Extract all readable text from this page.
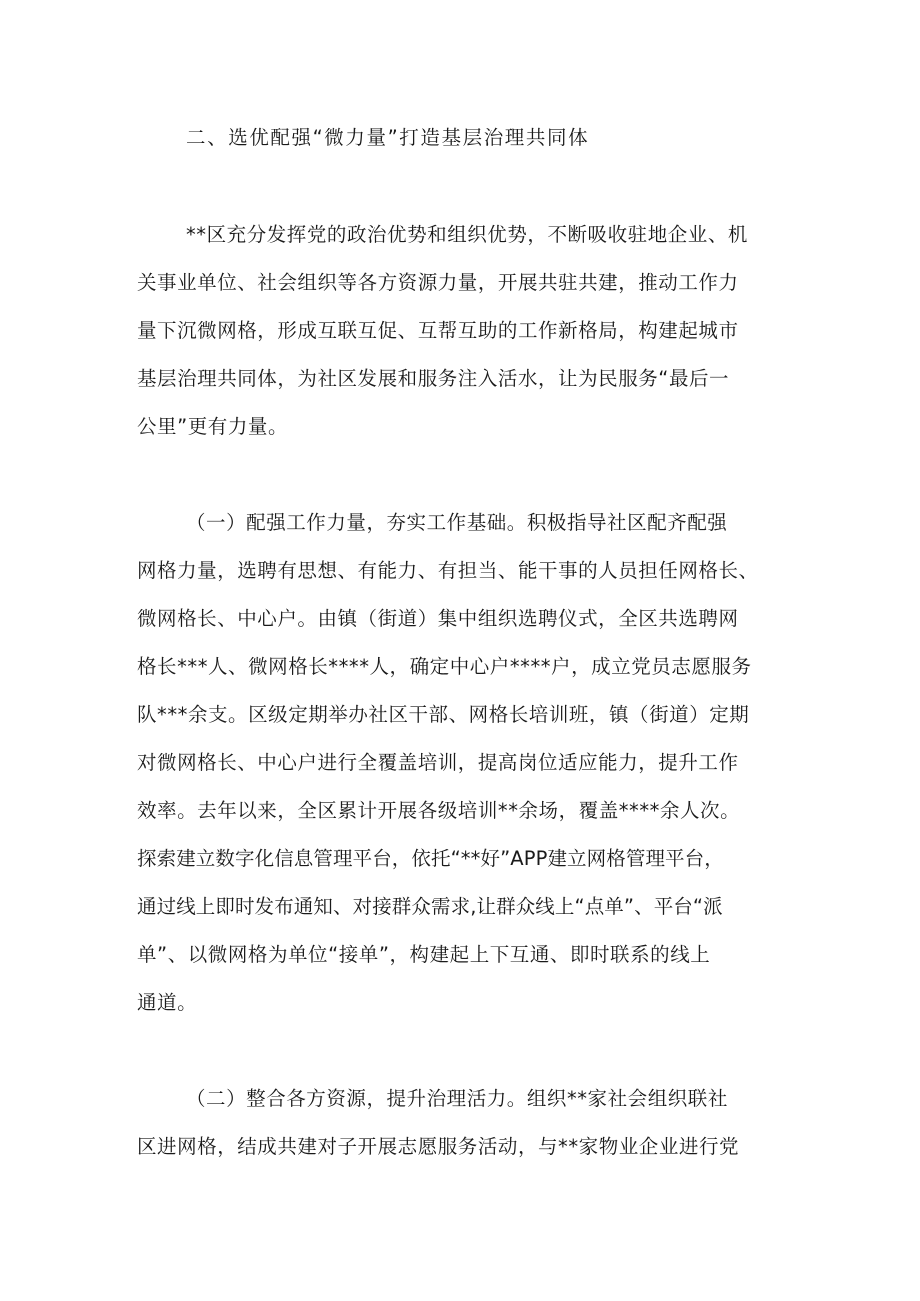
二、选优配强“微力量”打造基层治理共同体
**区充分发挥党的政治优势和组织优势，不断吸收驻地企业、机
关事业单位、社会组织等各方资源力量，开展共驻共建，推动工作力
量下沉微网格，形成互联互促、互帮互助的工作新格局，构建起城市
基层治理共同体，为社区发展和服务注入活水，让为民服务“最后一
公里”更有力量。
（一）配强工作力量，夯实工作基础。积极指导社区配齐配强
网格力量，选聘有思想、有能力、有担当、能干事的人员担任网格长、
微网格长、中心户。由镇（街道）集中组织选聘仪式，全区共选聘网
格长***人、微网格长****人，确定中心户****户，成立党员志愿服务
队***余支。区级定期举办社区干部、网格长培训班，镇（街道）定期
对微网格长、中心户进行全覆盖培训，提高岗位适应能力，提升工作
效率。去年以来，全区累计开展各级培训**余场，覆盖****余人次。
探索建立数字化信息管理平台，依托“**好”APP建立网格管理平台，
通过线上即时发布通知、对接群众需求,让群众线上“点单”、平台“派
单”、以微网格为单位“接单”，构建起上下互通、即时联系的线上
通道。
（二）整合各方资源，提升治理活力。组织**家社会组织联社
区进网格，结成共建对子开展志愿服务活动，与**家物业企业进行党
